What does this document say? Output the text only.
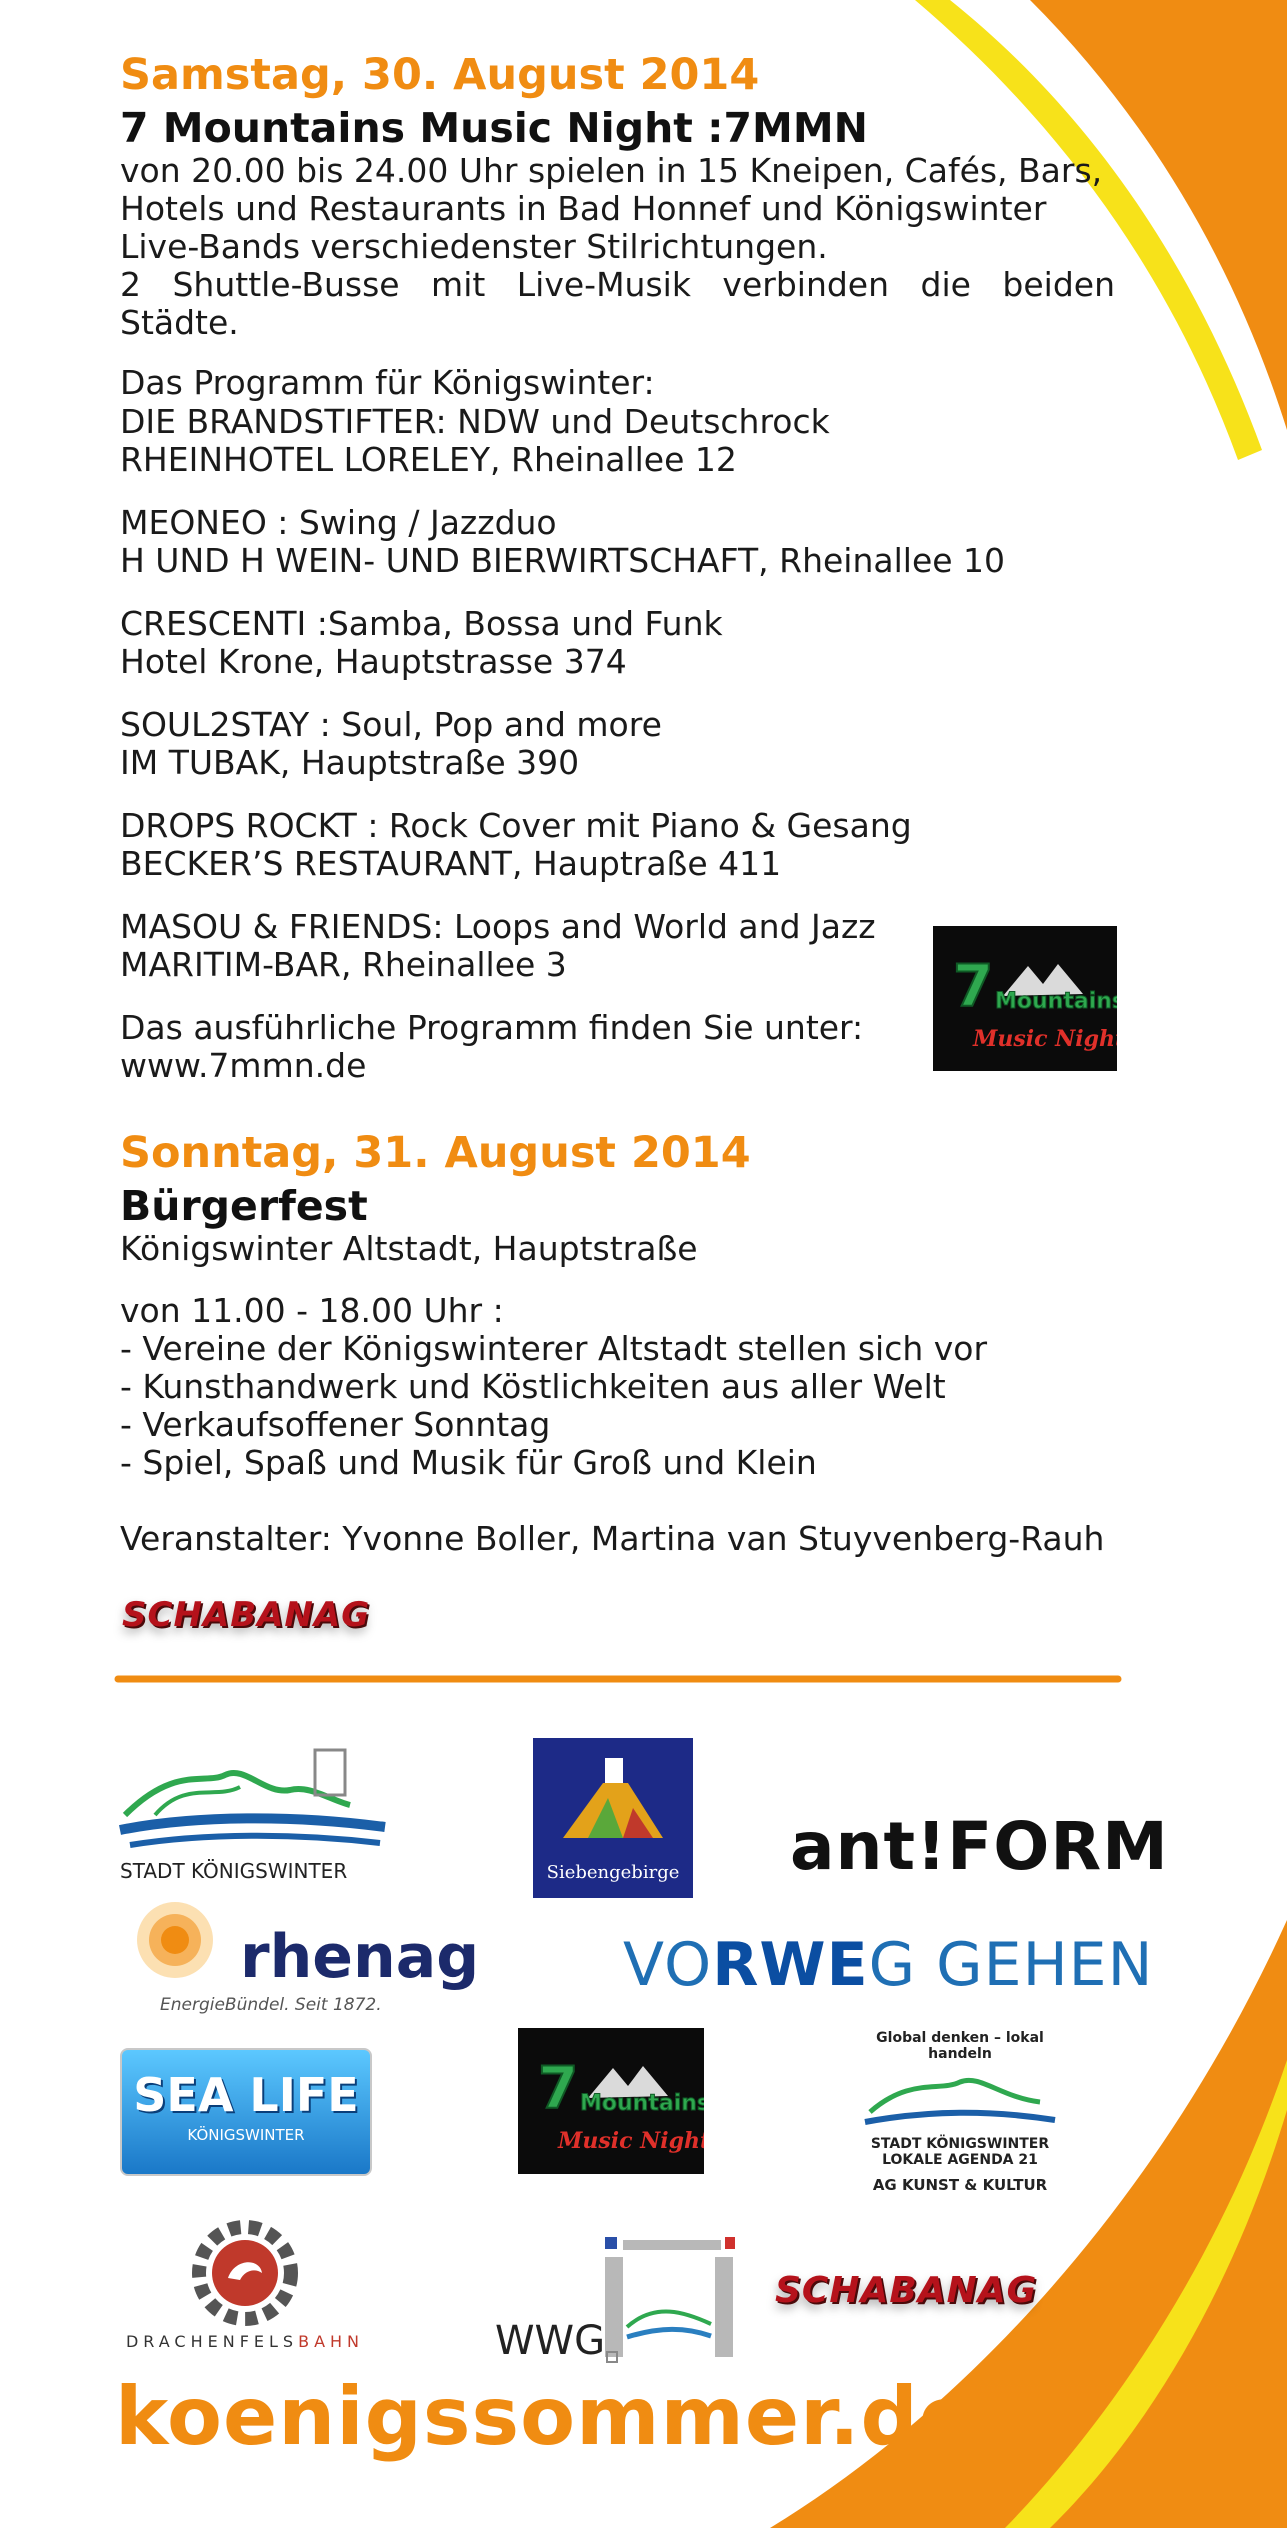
Samstag, 30. August 2014
7 Mountains Music Night :7MMN
von 20.00 bis 24.00 Uhr spielen in 15 Kneipen, Cafés, Bars,
Hotels und Restaurants in Bad Honnef und Königswinter
Live-Bands verschiedenster Stilrichtungen.
2 Shuttle-Busse mit Live-Musik verbinden die beiden Städte.
Das Programm für Königswinter:
DIE BRANDSTIFTER: NDW und Deutschrock
RHEINHOTEL LORELEY, Rheinallee 12
MEONEO : Swing / Jazzduo
H UND H WEIN- UND BIERWIRTSCHAFT, Rheinallee 10
CRESCENTI :Samba, Bossa und Funk
Hotel Krone, Hauptstrasse 374
SOUL2STAY : Soul, Pop and more
IM TUBAK, Hauptstraße 390
DROPS ROCKT : Rock Cover mit Piano & Gesang
BECKER’S RESTAURANT, Hauptraße 411
MASOU & FRIENDS: Loops and World and Jazz
MARITIM-BAR, Rheinallee 3
Das ausführliche Programm finden Sie unter:
www.7mmn.de
7 Mountains
Music Night
Sonntag, 31. August 2014
Bürgerfest
Königswinter Altstadt, Hauptstraße
von 11.00 - 18.00 Uhr :
- Vereine der Königswinterer Altstadt stellen sich vor
- Kunsthandwerk und Köstlichkeiten aus aller Welt
- Verkaufsoffener Sonntag
- Spiel, Spaß und Musik für Groß und Klein
Veranstalter: Yvonne Boller, Martina van Stuyvenberg-Rauh
SCHABANAG
STADT KÖNIGSWINTER	Siebengebirge ant!FORM
rhenag
EnergieBündel. Seit 1872.
VORWEG GEHEN
SEA LIFE
KÖNIGSWINTER
7 Mountains
Music Night
Global denken – lokal handeln
STADT KÖNIGSWINTER
LOKALE AGENDA 21
AG KUNST & KULTUR
DRACHENFELSBAHN	WWG
SCHABANAG
koenigssommer.de
